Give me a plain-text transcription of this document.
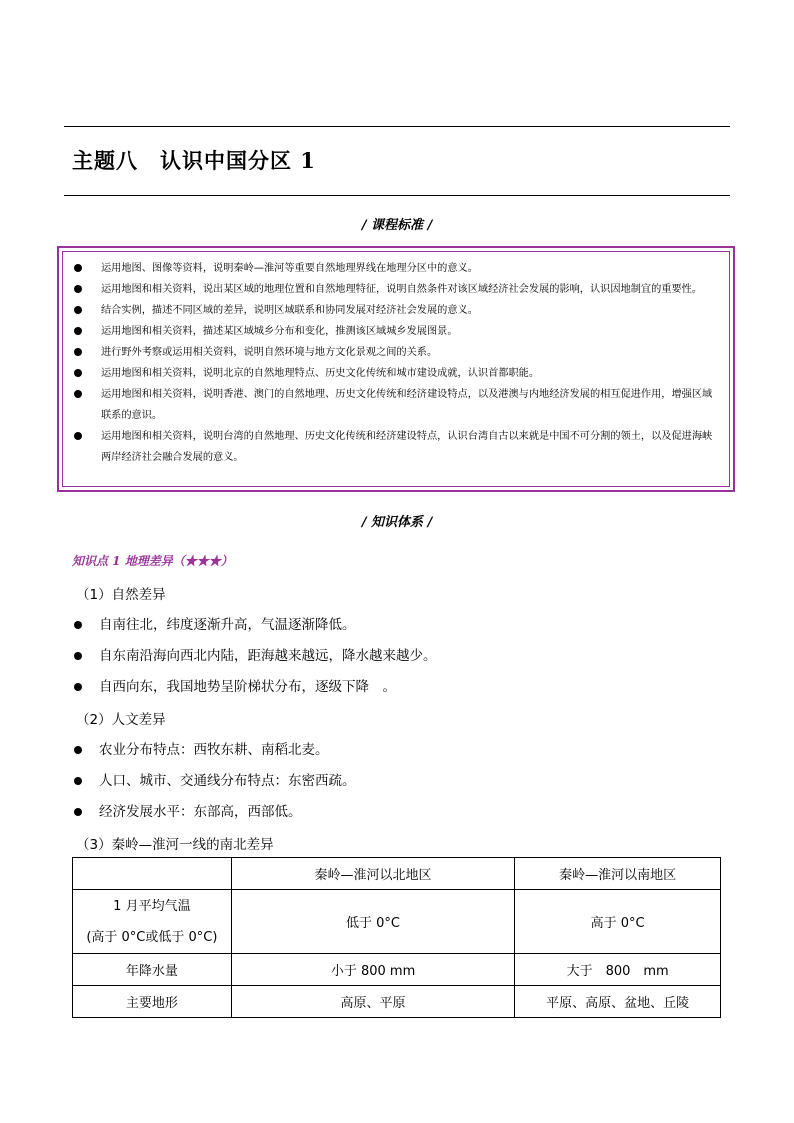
主题八 认识中国分区 1
/ 课程标准 /
运用地图、图像等资料，说明秦岭—淮河等重要自然地理界线在地理分区中的意义。
运用地图和相关资料，说出某区域的地理位置和自然地理特征，说明自然条件对该区域经济社会发展的影响，认识因地制宜的重要性。
结合实例，描述不同区域的差异，说明区域联系和协同发展对经济社会发展的意义。
运用地图和相关资料，描述某区域城乡分布和变化，推测该区域城乡发展图景。
进行野外考察或运用相关资料，说明自然环境与地方文化景观之间的关系。
运用地图和相关资料，说明北京的自然地理特点、历史文化传统和城市建设成就，认识首都职能。
运用地图和相关资料，说明香港、澳门的自然地理、历史文化传统和经济建设特点，以及港澳与内地经济发展的相互促进作用，增强区域联系的意识。
运用地图和相关资料，说明台湾的自然地理、历史文化传统和经济建设特点，认识台湾自古以来就是中国不可分割的领土，以及促进海峡两岸经济社会融合发展的意义。
/ 知识体系 /
知识点 1 地理差异（★★★）
（1）自然差异
自南往北，纬度逐渐升高，气温逐渐降低。
自东南沿海向西北内陆，距海越来越远，降水越来越少。
自西向东，我国地势呈阶梯状分布，逐级下降　。
（2）人文差异
农业分布特点：西牧东耕、南稻北麦。
人口、城市、交通线分布特点：东密西疏。
经济发展水平：东部高，西部低。
（3）秦岭—淮河一线的南北差异
	秦岭—淮河以北地区	秦岭—淮河以南地区

1 月平均气温
(高于 0°C或低于 0°C)	低于 0°C	高于 0°C
年降水量	小于 800 mm	大于　800　mm
主要地形	高原、平原	平原、高原、盆地、丘陵
